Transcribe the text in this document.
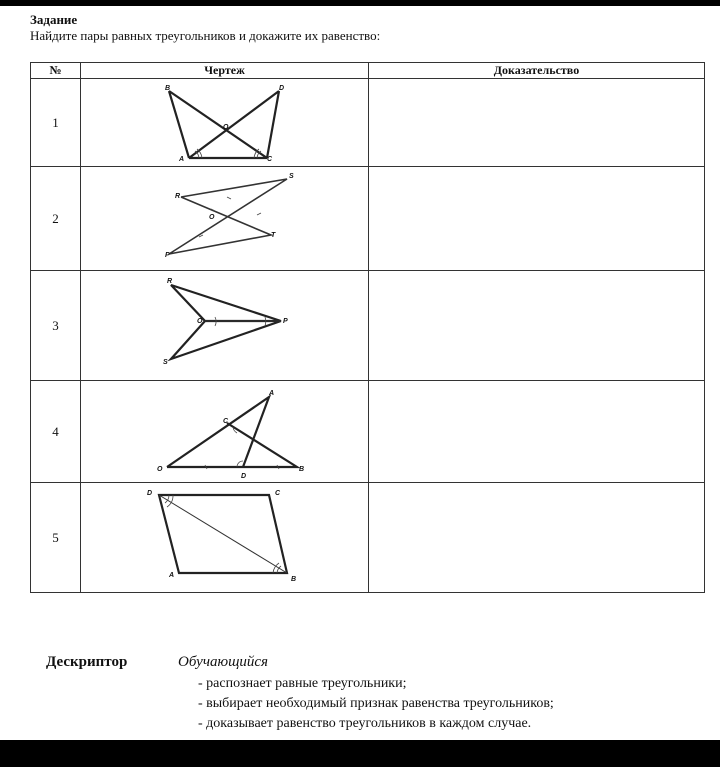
Задание
Найдите пары равных треугольников и докажите их равенство:
№	Чертеж	Доказательство
1	B D
O
A C	

2	R
S
O
T
P	

3	R
O P
S	

4	A
C
O
D
B	

5	D C
A
B	

Дескриптор	Обучающийся
- распознает равные треугольники;
- выбирает необходимый признак равенства треугольников;
- доказывает равенство треугольников в каждом случае.
